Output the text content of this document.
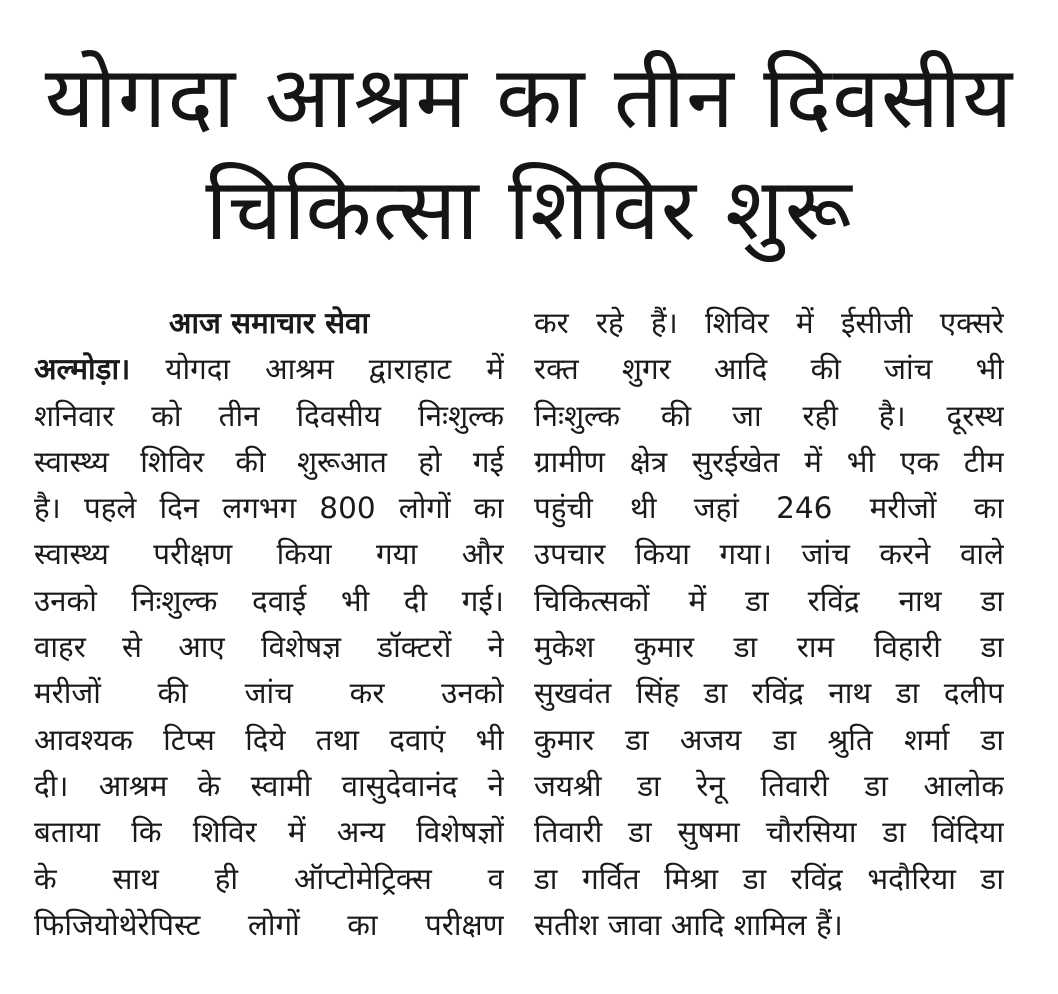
योगदा आश्रम का तीन दिवसीय
चिकित्सा शिविर शुरू
आज समाचार सेवा
अल्मोड़ा। योगदा आश्रम द्वाराहाट में
शनिवार को तीन दिवसीय निःशुल्क
स्वास्थ्य शिविर की शुरूआत हो गई
है। पहले दिन लगभग 800 लोगों का
स्वास्थ्य परीक्षण किया गया और
उनको निःशुल्क दवाई भी दी गई।
वाहर से आए विशेषज्ञ डॉक्टरों ने
मरीजों की जांच कर उनको
आवश्यक टिप्स दिये तथा दवाएं भी
दी। आश्रम के स्वामी वासुदेवानंद ने
बताया कि शिविर में अन्य विशेषज्ञों
के साथ ही ऑप्टोमेट्रिक्स व
फिजियोथेरेपिस्ट लोगों का परीक्षण
कर रहे हैं। शिविर में ईसीजी एक्सरे
रक्त शुगर आदि की जांच भी
निःशुल्क की जा रही है। दूरस्थ
ग्रामीण क्षेत्र सुरईखेत में भी एक टीम
पहुंची थी जहां 246 मरीजों का
उपचार किया गया। जांच करने वाले
चिकित्सकों में डा रविंद्र नाथ डा
मुकेश कुमार डा राम विहारी डा
सुखवंत सिंह डा रविंद्र नाथ डा दलीप
कुमार डा अजय डा श्रुति शर्मा डा
जयश्री डा रेनू तिवारी डा आलोक
तिवारी डा सुषमा चौरसिया डा विंदिया
डा गर्वित मिश्रा डा रविंद्र भदौरिया डा
सतीश जावा आदि शामिल हैं।
